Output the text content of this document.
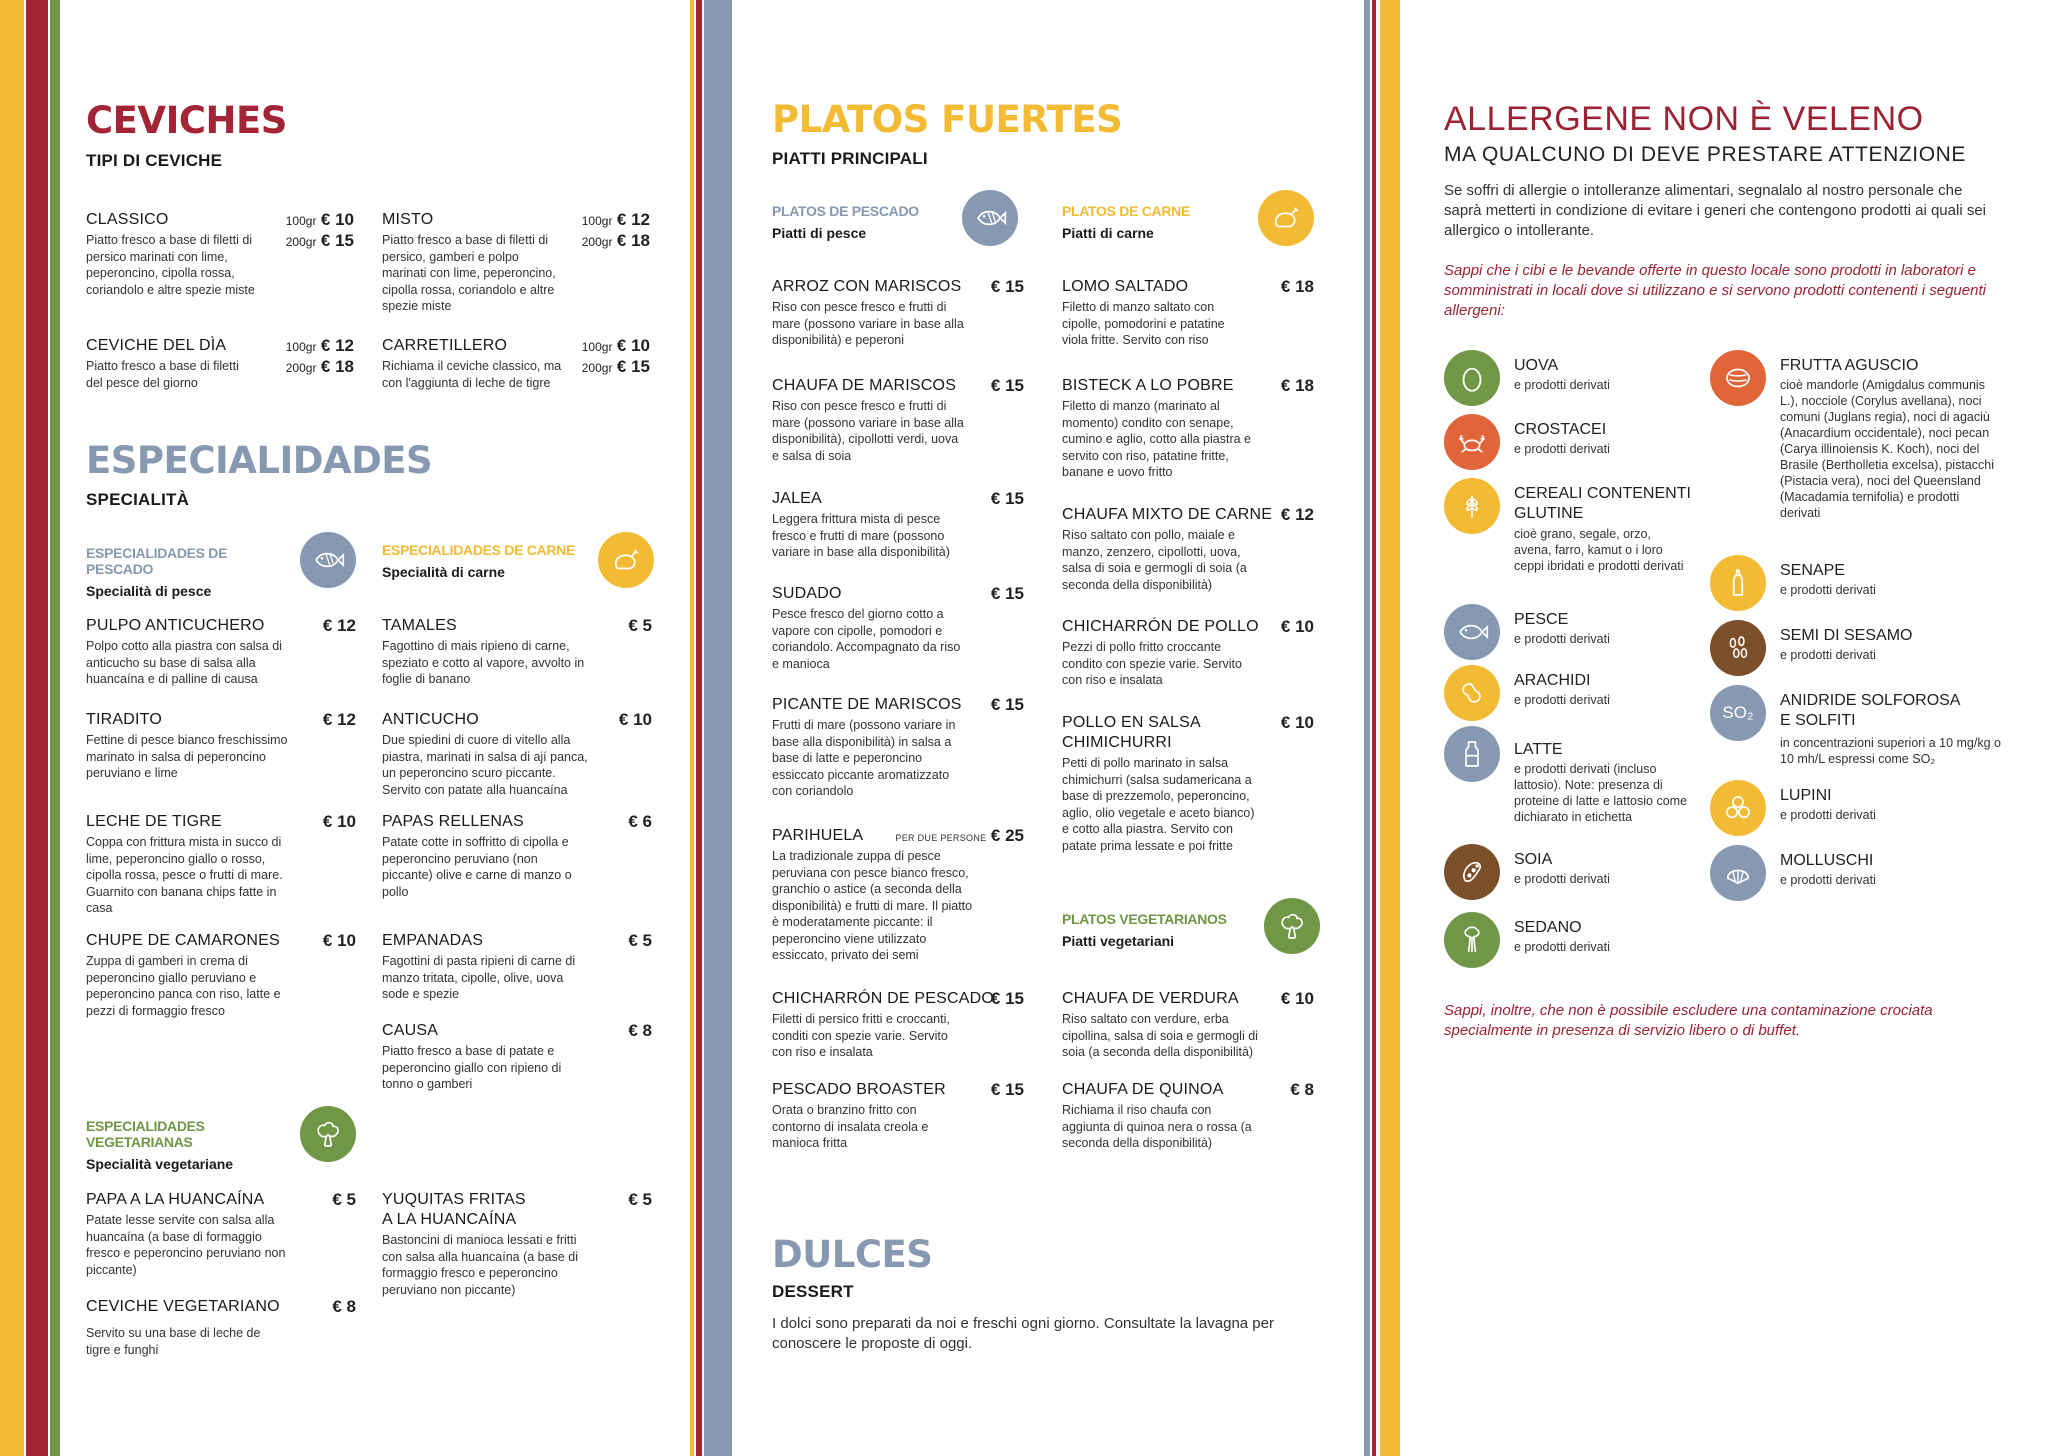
CEVICHES
TIPI DI CEVICHE
CLASSICO
Piatto fresco a base di filetti di persico marinati con lime, peperoncino, cipolla rossa, coriandolo e altre spezie miste
100gr € 10
200gr € 15
MISTO
Piatto fresco a base di filetti di persico, gamberi e polpo marinati con lime, peperoncino, cipolla rossa, coriandolo e altre spezie miste
100gr € 12
200gr € 18
CEVICHE DEL DÌA
Piatto fresco a base di filetti del pesce del giorno
100gr € 12
200gr € 18
CARRETILLERO
Richiama il ceviche classico, ma con l'aggiunta di leche de tigre
100gr € 10
200gr € 15
ESPECIALIDADES
SPECIALITÀ
ESPECIALIDADES DE PESCADO
Specialità di pesce
ESPECIALIDADES DE CARNE
Specialità di carne
PULPO ANTICUCHERO
Polpo cotto alla piastra con salsa di anticucho su base di salsa alla huancaína e di palline di causa
€ 12
TIRADITO
Fettine di pesce bianco freschissimo marinato in salsa di peperoncino peruviano e lime
€ 12
LECHE DE TIGRE
Coppa con frittura mista in succo di lime, peperoncino giallo o rosso, cipolla rossa, pesce o frutti di mare. Guarnito con banana chips fatte in casa
€ 10
CHUPE DE CAMARONES
Zuppa di gamberi in crema di peperoncino giallo peruviano e peperoncino panca con riso, latte e pezzi di formaggio fresco
€ 10
TAMALES
Fagottino di mais ripieno di carne, speziato e cotto al vapore, avvolto in foglie di banano
€ 5
ANTICUCHO
Due spiedini di cuore di vitello alla piastra, marinati in salsa di ají panca, un peperoncino scuro piccante. Servito con patate alla huancaína
€ 10
PAPAS RELLENAS
Patate cotte in soffritto di cipolla e peperoncino peruviano (non piccante) olive e carne di manzo o pollo
€ 6
EMPANADAS
Fagottini di pasta ripieni di carne di manzo tritata, cipolle, olive, uova sode e spezie
€ 5
CAUSA
Piatto fresco a base di patate e peperoncino giallo con ripieno di tonno o gamberi
€ 8
ESPECIALIDADES VEGETARIANAS
Specialità vegetariane
PAPA A LA HUANCAÍNA
Patate lesse servite con salsa alla huancaína (a base di formaggio fresco e peperoncino peruviano non piccante)
€ 5
CEVICHE VEGETARIANO
Servito su una base di leche de tigre e funghi
€ 8
YUQUITAS FRITAS
A LA HUANCAÍNA
Bastoncini di manioca lessati e fritti con salsa alla huancaína (a base di formaggio fresco e peperoncino peruviano non piccante)
€ 5
PLATOS FUERTES
PIATTI PRINCIPALI
PLATOS DE PESCADO
Piatti di pesce
PLATOS DE CARNE
Piatti di carne
ARROZ CON MARISCOS
Riso con pesce fresco e frutti di mare (possono variare in base alla disponibilità) e peperoni
€ 15
CHAUFA DE MARISCOS
Riso con pesce fresco e frutti di mare (possono variare in base alla disponibilità), cipollotti verdi, uova e salsa di soia
€ 15
JALEA
Leggera frittura mista di pesce fresco e frutti di mare (possono variare in base alla disponibilità)
€ 15
SUDADO
Pesce fresco del giorno cotto a vapore con cipolle, pomodori e coriandolo. Accompagnato da riso e manioca
€ 15
PICANTE DE MARISCOS
Frutti di mare (possono variare in base alla disponibilità) in salsa a base di latte e peperoncino essiccato piccante aromatizzato con coriandolo
€ 15
PARIHUELA
La tradizionale zuppa di pesce peruviana con pesce bianco fresco, granchio o astice (a seconda della disponibilità) e frutti di mare. Il piatto è moderatamente piccante: il peperoncino viene utilizzato essiccato, privato dei semi
PER DUE PERSONE € 25
CHICHARRÓN DE PESCADO
Filetti di persico fritti e croccanti, conditi con spezie varie. Servito con riso e insalata
€ 15
PESCADO BROASTER
Orata o branzino fritto con contorno di insalata creola e manioca fritta
€ 15
LOMO SALTADO
Filetto di manzo saltato con cipolle, pomodorini e patatine viola fritte. Servito con riso
€ 18
BISTECK A LO POBRE
Filetto di manzo (marinato al momento) condito con senape, cumino e aglio, cotto alla piastra e servito con riso, patatine fritte, banane e uovo fritto
€ 18
CHAUFA MIXTO DE CARNE
Riso saltato con pollo, maiale e manzo, zenzero, cipollotti, uova, salsa di soia e germogli di soia (a seconda della disponibilità)
€ 12
CHICHARRÓN DE POLLO
Pezzi di pollo fritto croccante condito con spezie varie. Servito con riso e insalata
€ 10
POLLO EN SALSA
CHIMICHURRI
Petti di pollo marinato in salsa chimichurri (salsa sudamericana a base di prezzemolo, peperoncino, aglio, olio vegetale e aceto bianco) e cotto alla piastra. Servito con patate prima lessate e poi fritte
€ 10
PLATOS VEGETARIANOS
Piatti vegetariani
CHAUFA DE VERDURA
Riso saltato con verdure, erba cipollina, salsa di soia e germogli di soia (a seconda della disponibilità)
€ 10
CHAUFA DE QUINOA
Richiama il riso chaufa con aggiunta di quinoa nera o rossa (a seconda della disponibilità)
€ 8
DULCES
DESSERT
I dolci sono preparati da noi e freschi ogni giorno. Consultate la lavagna per conoscere le proposte di oggi.
ALLERGENE NON È VELENO
MA QUALCUNO DI DEVE PRESTARE ATTENZIONE
Se soffri di allergie o intolleranze alimentari, segnalalo al nostro personale che saprà metterti in condizione di evitare i generi che contengono prodotti ai quali sei allergico o intollerante.
Sappi che i cibi e le bevande offerte in questo locale sono prodotti in laboratori e somministrati in locali dove si utilizzano e si servono prodotti contenenti i seguenti allergeni:
UOVA
e prodotti derivati
CROSTACEI
e prodotti derivati
CEREALI CONTENENTI
GLUTINE
cioè grano, segale, orzo, avena, farro, kamut o i loro ceppi ibridati e prodotti derivati
PESCE
e prodotti derivati
ARACHIDI
e prodotti derivati
LATTE
e prodotti derivati (incluso lattosio). Note: presenza di proteine di latte e lattosio come dichiarato in etichetta
SOIA
e prodotti derivati
SEDANO
e prodotti derivati
FRUTTA AGUSCIO
cioè mandorle (Amigdalus communis L.), nocciole (Corylus avellana), noci comuni (Juglans regia), noci di agaciù (Anacardium occidentale), noci pecan (Carya illinoiensis K. Koch), noci del Brasile (Bertholletia excelsa), pistacchi (Pistacia vera), noci del Queensland (Macadamia ternifolia) e prodotti derivati
SENAPE
e prodotti derivati
SEMI DI SESAMO
e prodotti derivati
SO₂
ANIDRIDE SOLFOROSA
E SOLFITI
in concentrazioni superiori a 10 mg/kg o 10 mh/L espressi come SO₂
LUPINI
e prodotti derivati
MOLLUSCHI
e prodotti derivati
Sappi, inoltre, che non è possibile escludere una contaminazione crociata specialmente in presenza di servizio libero o di buffet.
